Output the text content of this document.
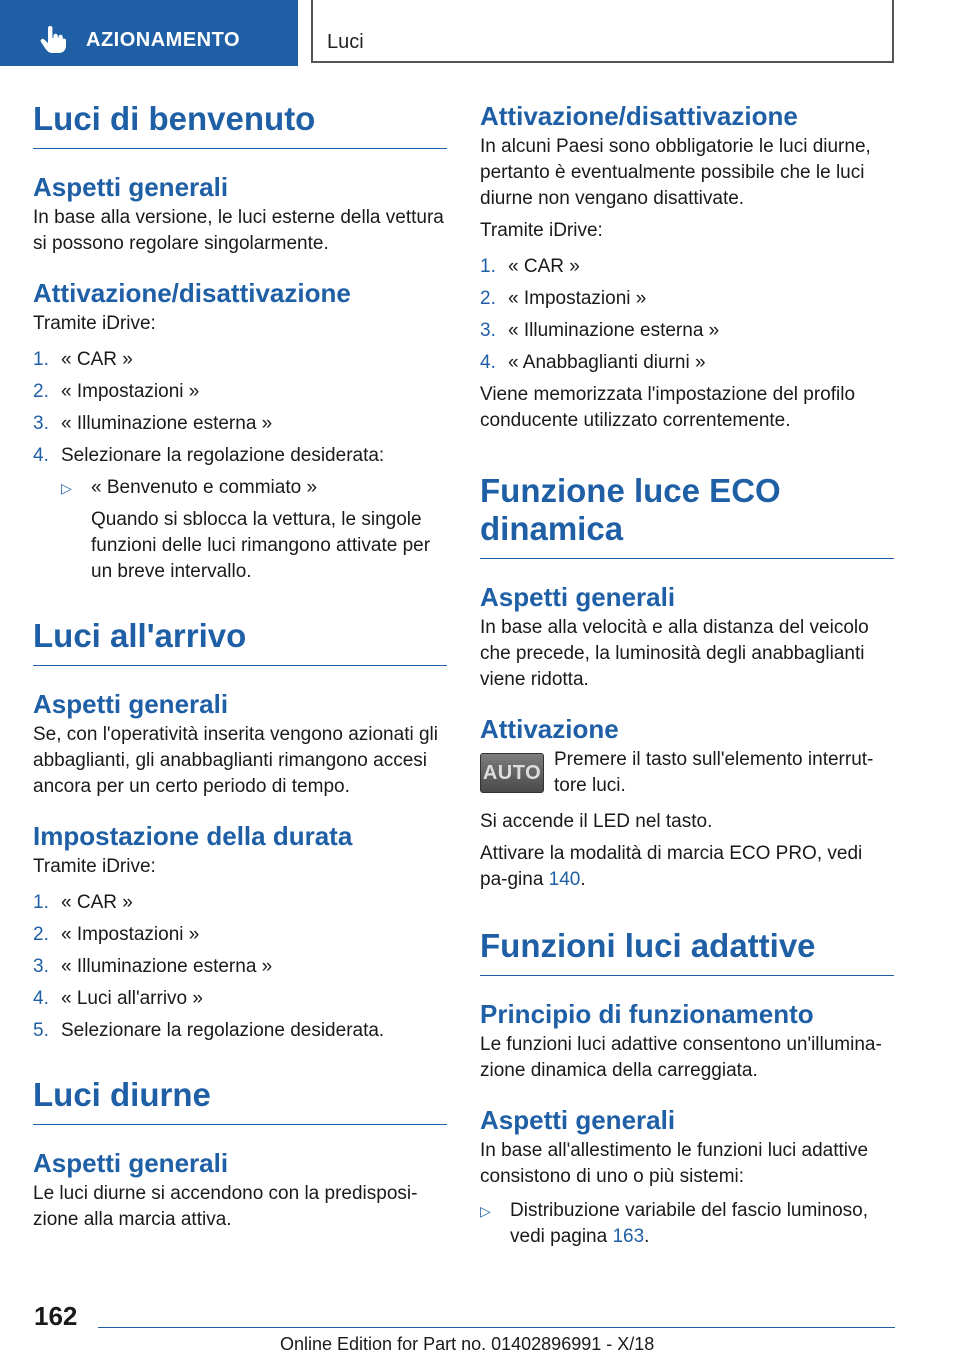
AZIONAMENTO	Luci
Luci di benvenuto
Aspetti generali

In base alla versione, le luci esterne della vettura si possono regolare singolarmente.

Attivazione/disattivazione

Tramite iDrive:

1. « CAR »
2. « Impostazioni »
3. « Illuminazione esterna »
4. Selezionare la regolazione desiderata:
▷ « Benvenuto e commiato »

Quando si sblocca la vettura, le singole funzioni delle luci rimangono attivate per un breve intervallo.

Luci all'arrivo
Aspetti generali

Se, con l'operatività inserita vengono azionati gli abbaglianti, gli anabbaglianti rimangono accesi ancora per un certo periodo di tempo.

Impostazione della durata

Tramite iDrive:

1. « CAR »
2. « Impostazioni »
3. « Illuminazione esterna »
4. « Luci all'arrivo »
5. Selezionare la regolazione desiderata.
Luci diurne
Aspetti generali

Le luci diurne si accendono con la predisposi-zione alla marcia attiva.

Attivazione/disattivazione

In alcuni Paesi sono obbligatorie le luci diurne, pertanto è eventualmente possibile che le luci diurne non vengano disattivate.

Tramite iDrive:

1. « CAR »
2. « Impostazioni »
3. « Illuminazione esterna »
4. « Anabbaglianti diurni »

Viene memorizzata l'impostazione del profilo conducente utilizzato correntemente.

Funzione luce ECO
dinamica
Aspetti generali

In base alla velocità e alla distanza del veicolo che precede, la luminosità degli anabbaglianti viene ridotta.

Attivazione
AUTO

Premere il tasto sull'elemento interrut-tore luci.

Si accende il LED nel tasto.

Attivare la modalità di marcia ECO PRO, vedi pa-gina 140.

Funzioni luci adattive
Principio di funzionamento

Le funzioni luci adattive consentono un'illumina-zione dinamica della carreggiata.

Aspetti generali

In base all'allestimento le funzioni luci adattive consistono di uno o più sistemi:

▷ Distribuzione variabile del fascio luminoso, vedi pagina 163.
162
Online Edition for Part no. 01402896991 - X/18
